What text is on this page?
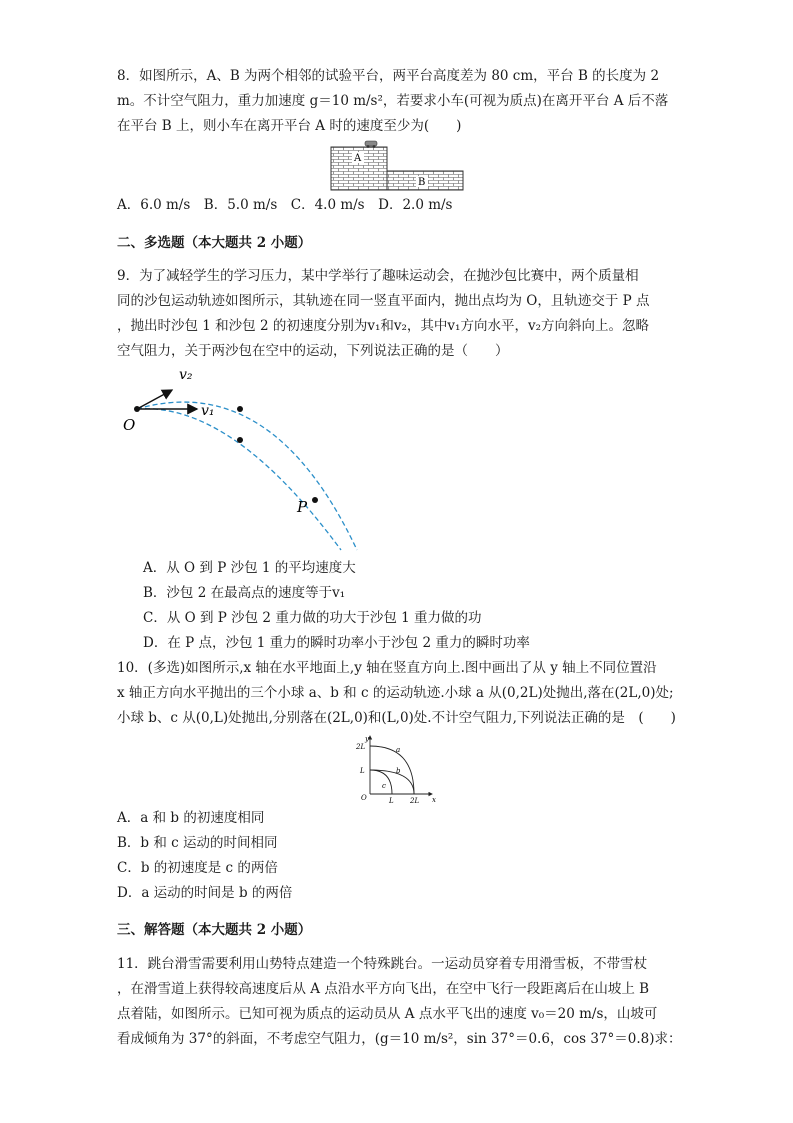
8．如图所示，A、B 为两个相邻的试验平台，两平台高度差为 80 cm，平台 B 的长度为 2
m。不计空气阻力，重力加速度 g＝10 m/s²，若要求小车(可视为质点)在离开平台 A 后不落
在平台 B 上，则小车在离开平台 A 时的速度至少为(　　)
A
B
A．6.0 m/s　B．5.0 m/s　C．4.0 m/s　D．2.0 m/s
二、多选题（本大题共 2 小题）
9．为了减轻学生的学习压力，某中学举行了趣味运动会，在抛沙包比赛中，两个质量相
同的沙包运动轨迹如图所示，其轨迹在同一竖直平面内，抛出点均为 O，且轨迹交于 P 点
，抛出时沙包 1 和沙包 2 的初速度分别为v₁和v₂，其中v₁方向水平，v₂方向斜向上。忽略
空气阻力，关于两沙包在空中的运动，下列说法正确的是（　　）
v₂
v₁
O
P
A．从 O 到 P 沙包 1 的平均速度大
B．沙包 2 在最高点的速度等于v₁
C．从 O 到 P 沙包 2 重力做的功大于沙包 1 重力做的功
D．在 P 点，沙包 1 重力的瞬时功率小于沙包 2 重力的瞬时功率
10．(多选)如图所示,x 轴在水平地面上,y 轴在竖直方向上.图中画出了从 y 轴上不同位置沿
x 轴正方向水平抛出的三个小球 a、b 和 c 的运动轨迹.小球 a 从(0,2L)处抛出,落在(2L,0)处;
小球 b、c 从(0,L)处抛出,分别落在(2L,0)和(L,0)处.不计空气阻力,下列说法正确的是　(　　)
y
x
2L
L
O	L 2L
a
b
c
A．a 和 b 的初速度相同
B．b 和 c 运动的时间相同
C．b 的初速度是 c 的两倍
D．a 运动的时间是 b 的两倍
三、解答题（本大题共 2 小题）
11．跳台滑雪需要利用山势特点建造一个特殊跳台。一运动员穿着专用滑雪板，不带雪杖
，在滑雪道上获得较高速度后从 A 点沿水平方向飞出，在空中飞行一段距离后在山坡上 B
点着陆，如图所示。已知可视为质点的运动员从 A 点水平飞出的速度 v₀＝20 m/s，山坡可
看成倾角为 37°的斜面，不考虑空气阻力，(g＝10 m/s²，sin 37°＝0.6，cos 37°＝0.8)求：
